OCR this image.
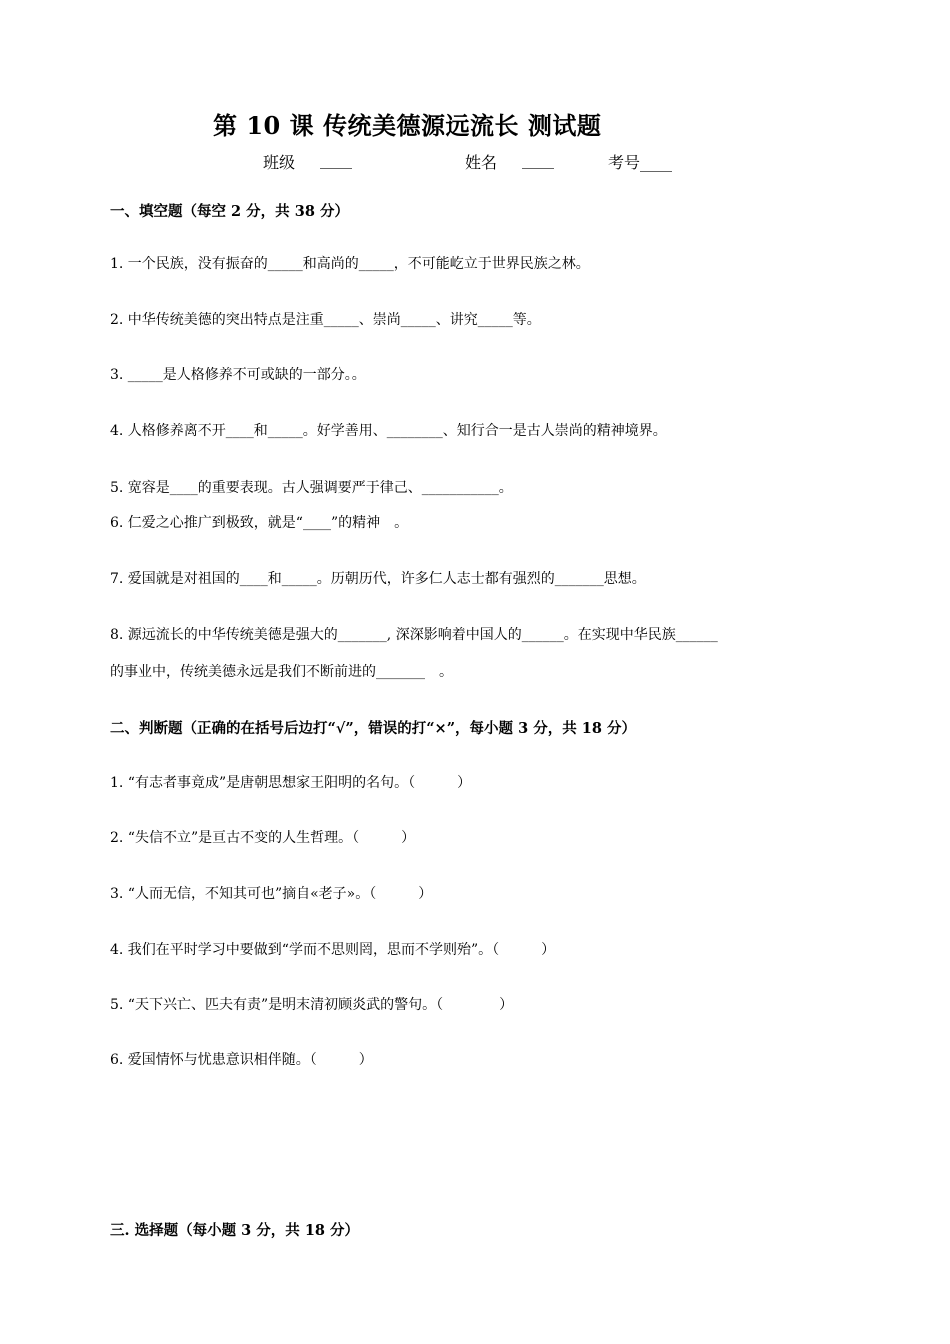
第 10 课 传统美德源远流长 测试题
班级 ____	姓名 ____	考号____
一、填空题（每空 2 分，共 38 分）
1. 一个民族，没有振奋的_____和高尚的_____，不可能屹立于世界民族之林。
2. 中华传统美德的突出特点是注重_____、崇尚_____、讲究_____等。
3. _____是人格修养不可或缺的一部分。。
4. 人格修养离不开____和_____。好学善用、________、知行合一是古人崇尚的精神境界。
5. 宽容是____的重要表现。古人强调要严于律己、___________。
6. 仁爱之心推广到极致，就是“____”的精神　。
7. 爱国就是对祖国的____和_____。历朝历代，许多仁人志士都有强烈的_______思想。
8. 源远流长的中华传统美德是强大的_______, 深深影响着中国人的______。在实现中华民族______
的事业中，传统美德永远是我们不断前进的_______　。
二、判断题（正确的在括号后边打“√”，错误的打“×”，每小题 3 分，共 18 分）
1. “有志者事竟成”是唐朝思想家王阳明的名句。（　　　）
2. “失信不立”是亘古不变的人生哲理。（　　　）
3. “人而无信，不知其可也”摘自«老子»。（　　　）
4. 我们在平时学习中要做到“学而不思则罔，思而不学则殆”。（　　　）
5. “天下兴亡、匹夫有责”是明末清初顾炎武的警句。（　　　　）
6. 爱国情怀与忧患意识相伴随。（　　　）
三. 选择题（每小题 3 分，共 18 分）
